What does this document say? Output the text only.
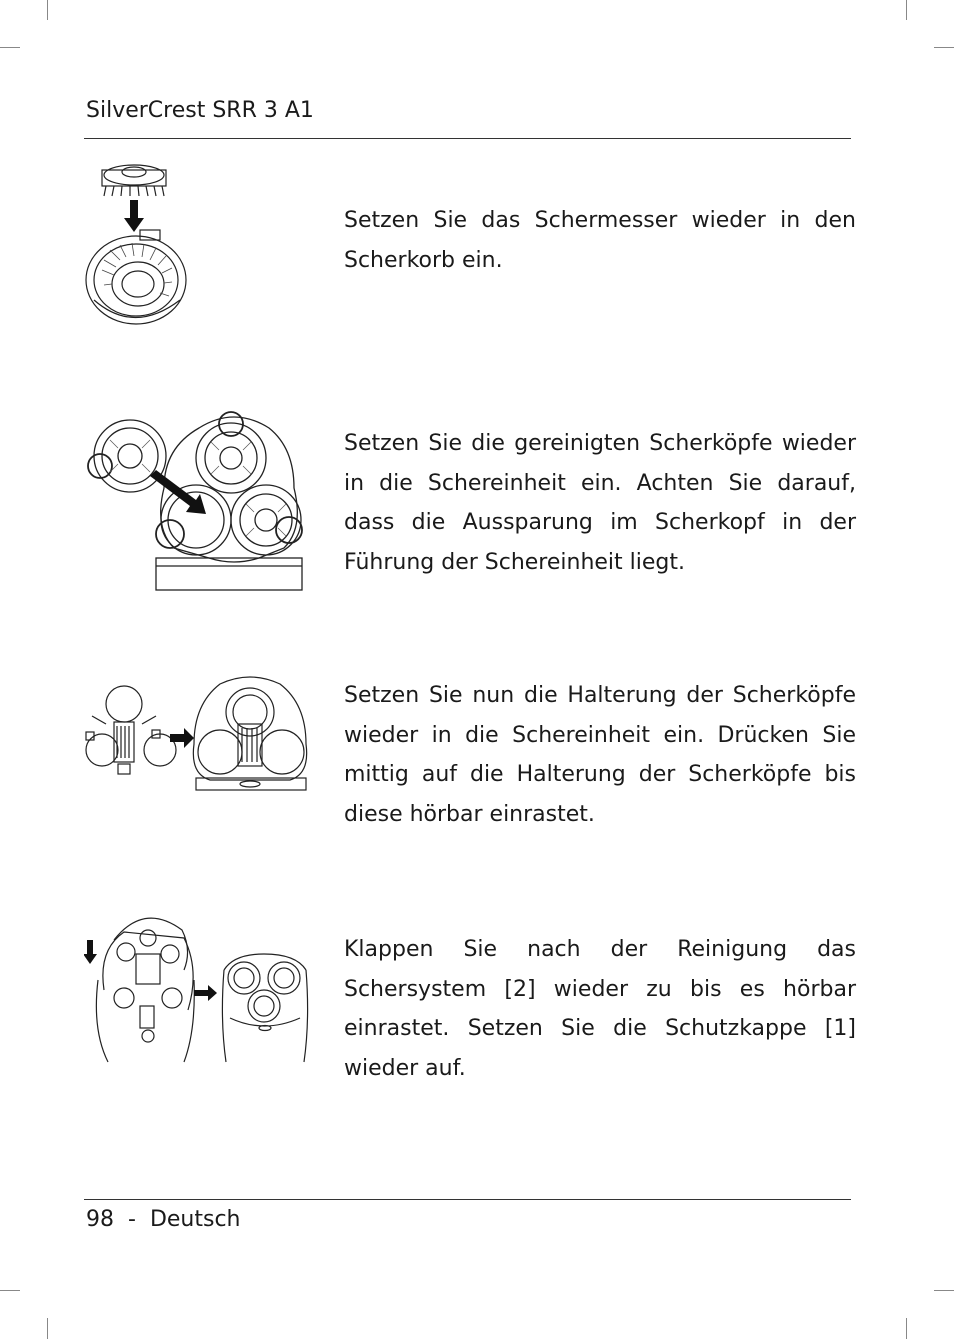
SilverCrest SRR 3 A1
Setzen Sie das Schermesser wieder in den Scherkorb ein.
Setzen Sie die gereinigten Scherköpfe wieder in die Schereinheit ein. Achten Sie darauf, dass die Aussparung im Scherkopf in der Führung der Schereinheit liegt.
Setzen Sie nun die Halterung der Scherköpfe wieder in die Schereinheit ein. Drücken Sie mittig auf die Halterung der Scherköpfe bis diese hörbar einrastet.
Klappen Sie nach der Reinigung das Schersystem [2] wieder zu bis es hörbar einrastet. Setzen Sie die Schutzkappe [1] wieder auf.
98 - Deutsch
